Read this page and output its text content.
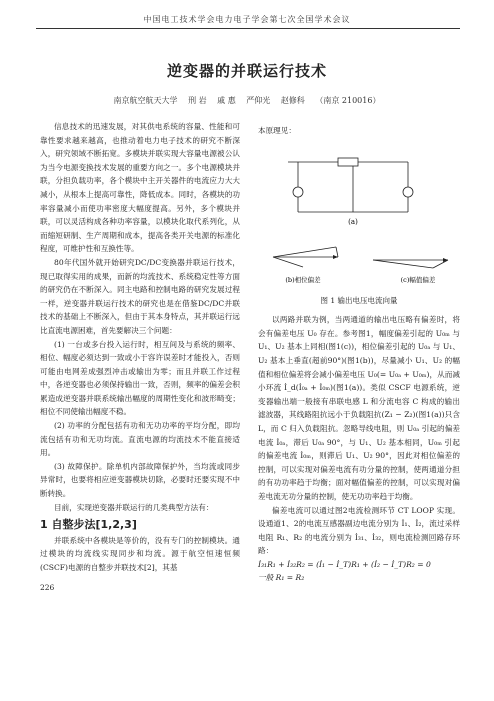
中国电工技术学会电力电子学会第七次全国学术会议
逆变器的并联运行技术
南京航空航天大学 刑 岩 戚 惠 严仰光 赵修科 （南京 210016）

信息技术的迅速发展，对其供电系统的容量、性能和可靠性要求越来越高，也推动着电力电子技术的研究不断深入，研究领域不断拓宽。多模块并联实现大容量电源被公认为当今电源变换技术发展的重要方向之一。多个电源模块并联，分担负载功率，各个模块中主开关器件的电流应力大大减小，从根本上提高可靠性，降低成本。同时，各模块的功率容量减小而使功率密度大幅度提高。另外，多个模块并联，可以灵活构成各种功率容量，以模块化取代系列化，从而缩短研制、生产周期和成本，提高各类开关电源的标准化程度，可维护性和互换性等。

80年代国外就开始研究DC/DC变换器并联运行技术，现已取得实用的成果，而新的均流技术、系统稳定性等方面的研究仍在不断深入。同主电路和控制电路的研究发展过程一样，逆变器并联运行技术的研究也是在借鉴DC/DC并联技术的基础上不断深入，但由于其本身特点，其并联运行远比直流电源困难，首先要解决三个问题：

(1) 一台或多台投入运行时，相互间及与系统的频率、相位、幅度必须达到一致或小于容许误差时才能投入，否则可能由电网差成强烈冲击或输出为零；而且并联工作过程中，各逆变器也必须保持输出一致，否则，频率的偏差会积累造成逆变器并联系统输出幅度的周期性变化和波形畸变；相位不同使输出幅度不稳。

(2) 功率的分配包括有功和无功功率的平均分配，即均流包括有功和无功均流。直流电源的均流技术不能直接适用。

(3) 故障保护。除单机内部故障保护外，当均流或同步异常时，也要将相应逆变器模块切除，必要时还要实现不中断转换。

目前，实现逆变器并联运行的几类典型方法有：

1 自整步法[1,2,3]

并联系统中各模块是等价的，没有专门的控制模块。通过模块的均流线实现同步和均流。源于航空恒速恒频(CSCF)电源的自整步并联技术[2]，其基

226

本原理见：

(a)
(b)相位偏差	(c)幅值偏差

图 1 输出电压电流向量

以两路并联为例，当两通道的输出电压略有偏差时，将会有偏差电压 U₀ 存在。参考图1，幅度偏差引起的 U₀ₘ 与 U₁、U₂ 基本上同相(图1(c))，相位偏差引起的 U₀ₐ 与 U₁、U₂ 基本上垂直(超前90°)(图1(b))，尽量减小 U₁、U₂ 的幅值和相位偏差将会减小偏差电压 U₀(= U₀ₐ + U₀ₘ)，从而减小环流 İ_d(İ₀ₐ + İ₀ₘ)(图1(a))。类似 CSCF 电源系统，逆变器输出端一般接有串联电感 L 和分流电容 C 构成的输出滤波器，其线路阻抗远小于负载阻抗(Z₁ − Z₂)(图1(a))只含 L，而 C 归入负载阻抗。忽略导线电阻，则 U₀ₐ 引起的偏差电流 İ₀ₐ，滞后 U₀ₐ 90°，与 U₁、U₂ 基本相同，U₀ₘ 引起的偏差电流 İ₀ₘ，则滞后 U₁、U₂ 90°，因此对相位偏差的控制，可以实现对偏差电流有功分量的控制，使两通道分担的有功功率趋于均衡；面对幅值偏差的控制，可以实现对偏差电流无功分量的控制，使无功功率趋于均衡。

偏差电流可以通过图2电流检测环节 CT LOOP 实现。设通道1、2的电流互感器副边电流分别为 İ₁、İ₂，流过采样电阻 R₁、R₂ 的电流分别为 İ₃₁、İ₃₂，则电流检测回路存环路：

İ₃₁R₁ + İ₃₂R₂ = (İ₁ − İ_T)R₁ + (İ₂ − İ_T)R₂ = 0

一般 R₁ = R₂
